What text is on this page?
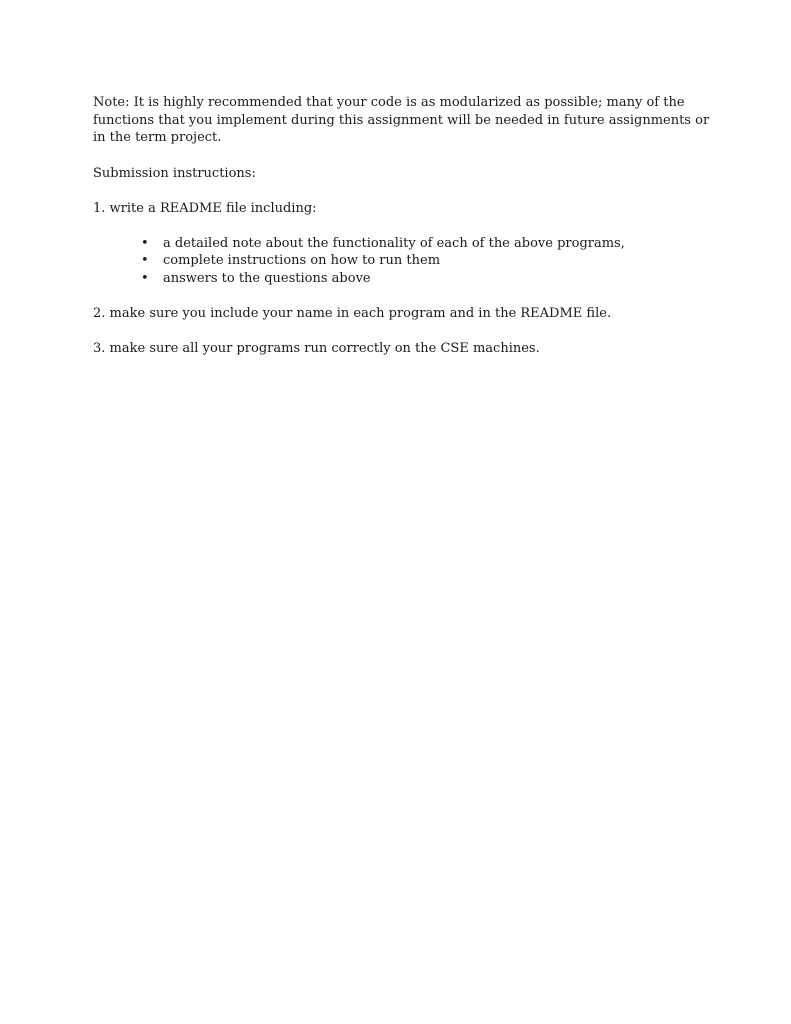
Note: It is highly recommended that your code is as modularized as possible; many of the functions that you implement during this assignment will be needed in future assignments or in the term project.

Submission instructions:

1. write a README file including:

• a detailed note about the functionality of each of the above programs,
• complete instructions on how to run them
• answers to the questions above

2. make sure you include your name in each program and in the README file.

3. make sure all your programs run correctly on the CSE machines.
